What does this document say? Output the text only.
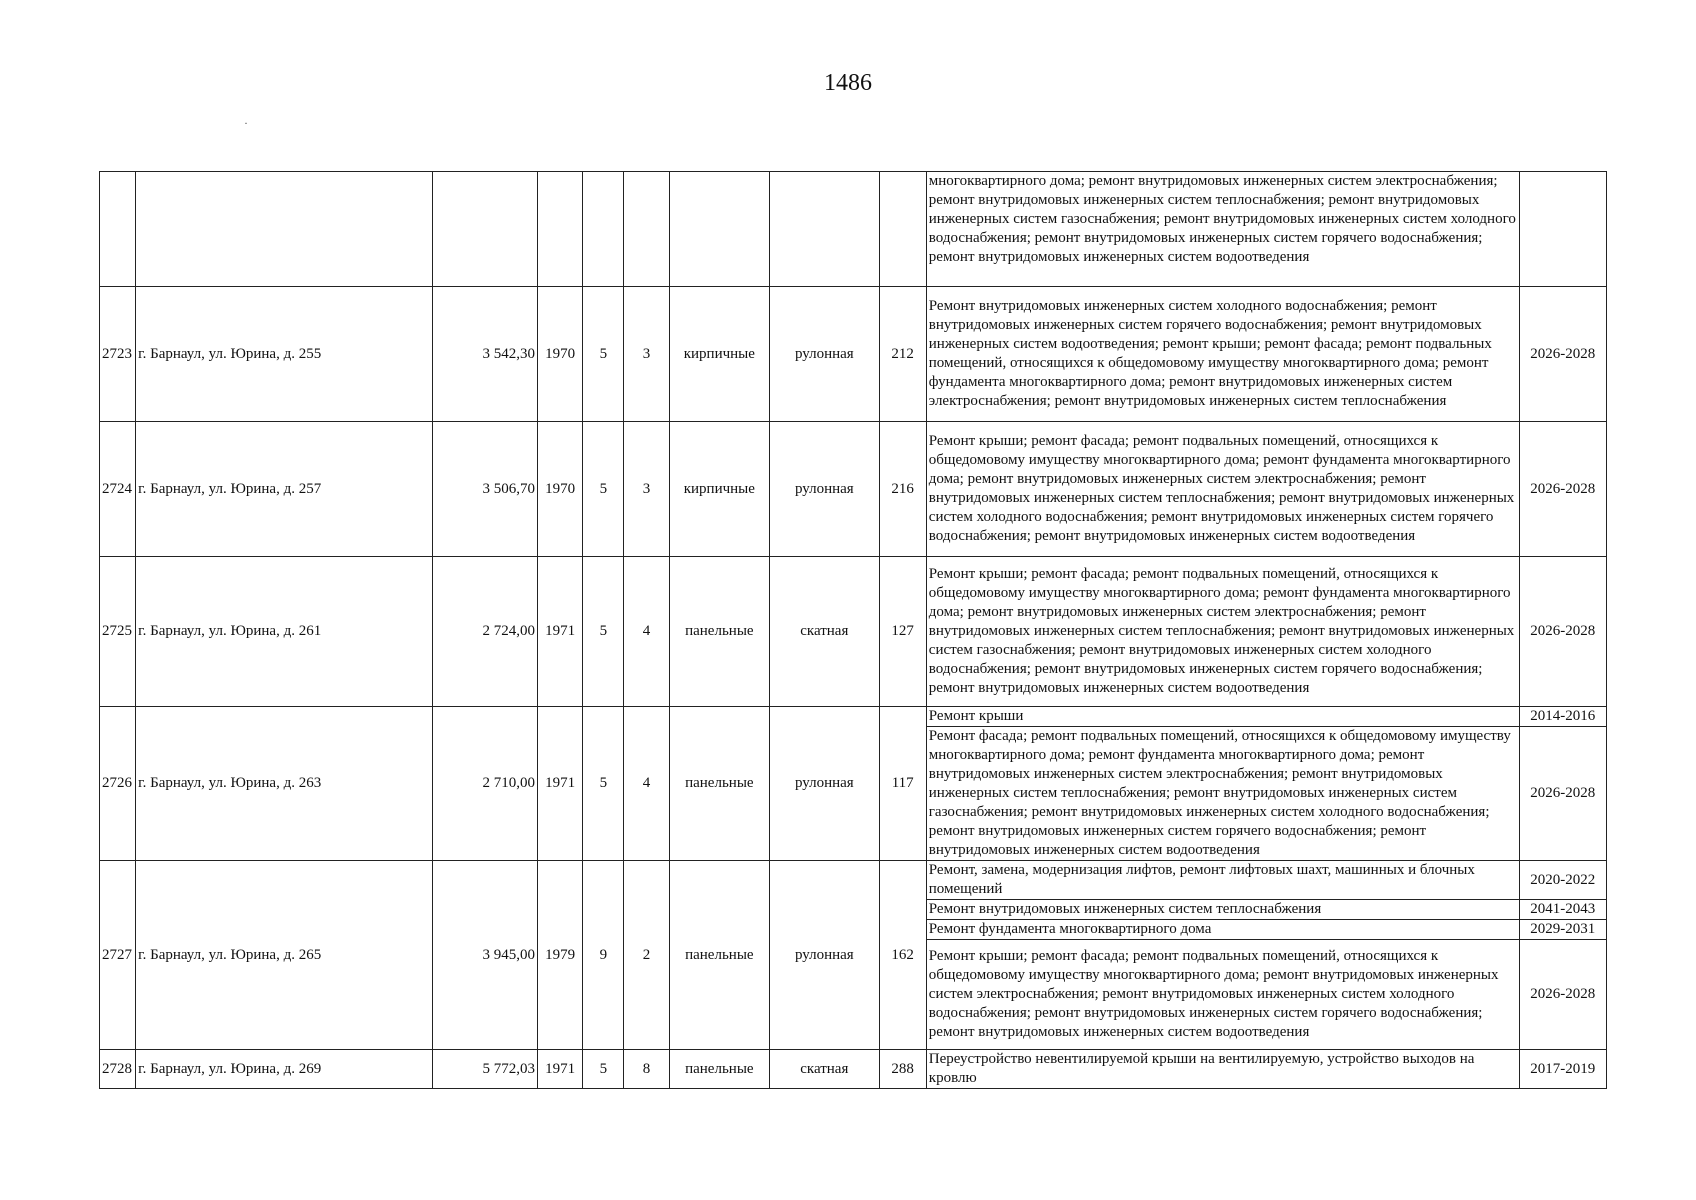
1486
·
									многоквартирного дома; ремонт внутридомовых инженерных систем электроснабжения; ремонт внутридомовых инженерных систем теплоснабжения; ремонт внутридомовых инженерных систем газоснабжения; ремонт внутридомовых инженерных систем холодного водоснабжения; ремонт внутридомовых инженерных систем горячего водоснабжения; ремонт внутридомовых инженерных систем водоотведения	
2723	г. Барнаул, ул. Юрина, д. 255	3 542,30	1970	5	3	кирпичные	рулонная	212	Ремонт внутридомовых инженерных систем холодного водоснабжения; ремонт внутридомовых инженерных систем горячего водоснабжения; ремонт внутридомовых инженерных систем водоотведения; ремонт крыши; ремонт фасада; ремонт подвальных помещений, относящихся к общедомовому имуществу многоквартирного дома; ремонт фундамента многоквартирного дома; ремонт внутридомовых инженерных систем электроснабжения; ремонт внутридомовых инженерных систем теплоснабжения	2026-2028
2724	г. Барнаул, ул. Юрина, д. 257	3 506,70	1970	5	3	кирпичные	рулонная	216	Ремонт крыши; ремонт фасада; ремонт подвальных помещений, относящихся к общедомовому имуществу многоквартирного дома; ремонт фундамента многоквартирного дома; ремонт внутридомовых инженерных систем электроснабжения; ремонт внутридомовых инженерных систем теплоснабжения; ремонт внутридомовых инженерных систем холодного водоснабжения; ремонт внутридомовых инженерных систем горячего водоснабжения; ремонт внутридомовых инженерных систем водоотведения	2026-2028
2725	г. Барнаул, ул. Юрина, д. 261	2 724,00	1971	5	4	панельные	скатная	127	Ремонт крыши; ремонт фасада; ремонт подвальных помещений, относящихся к общедомовому имуществу многоквартирного дома; ремонт фундамента многоквартирного дома; ремонт внутридомовых инженерных систем электроснабжения; ремонт внутридомовых инженерных систем теплоснабжения; ремонт внутридомовых инженерных систем газоснабжения; ремонт внутридомовых инженерных систем холодного водоснабжения; ремонт внутридомовых инженерных систем горячего водоснабжения; ремонт внутридомовых инженерных систем водоотведения	2026-2028
2726	г. Барнаул, ул. Юрина, д. 263	2 710,00	1971	5	4	панельные	рулонная	117	Ремонт крыши	2014-2016
									Ремонт фасада; ремонт подвальных помещений, относящихся к общедомовому имуществу многоквартирного дома; ремонт фундамента многоквартирного дома; ремонт внутридомовых инженерных систем электроснабжения; ремонт внутридомовых инженерных систем теплоснабжения; ремонт внутридомовых инженерных систем газоснабжения; ремонт внутридомовых инженерных систем холодного водоснабжения; ремонт внутридомовых инженерных систем горячего водоснабжения; ремонт внутридомовых инженерных систем водоотведения	2026-2028
2727	г. Барнаул, ул. Юрина, д. 265	3 945,00	1979	9	2	панельные	рулонная	162	Ремонт, замена, модернизация лифтов, ремонт лифтовых шахт, машинных и блочных помещений	2020-2022
									Ремонт внутридомовых инженерных систем теплоснабжения	2041-2043
									Ремонт фундамента многоквартирного дома	2029-2031
									Ремонт крыши; ремонт фасада; ремонт подвальных помещений, относящихся к общедомовому имуществу многоквартирного дома; ремонт внутридомовых инженерных систем электроснабжения; ремонт внутридомовых инженерных систем холодного водоснабжения; ремонт внутридомовых инженерных систем горячего водоснабжения; ремонт внутридомовых инженерных систем водоотведения	2026-2028
2728	г. Барнаул, ул. Юрина, д. 269	5 772,03	1971	5	8	панельные	скатная	288	Переустройство невентилируемой крыши на вентилируемую, устройство выходов на кровлю	2017-2019
